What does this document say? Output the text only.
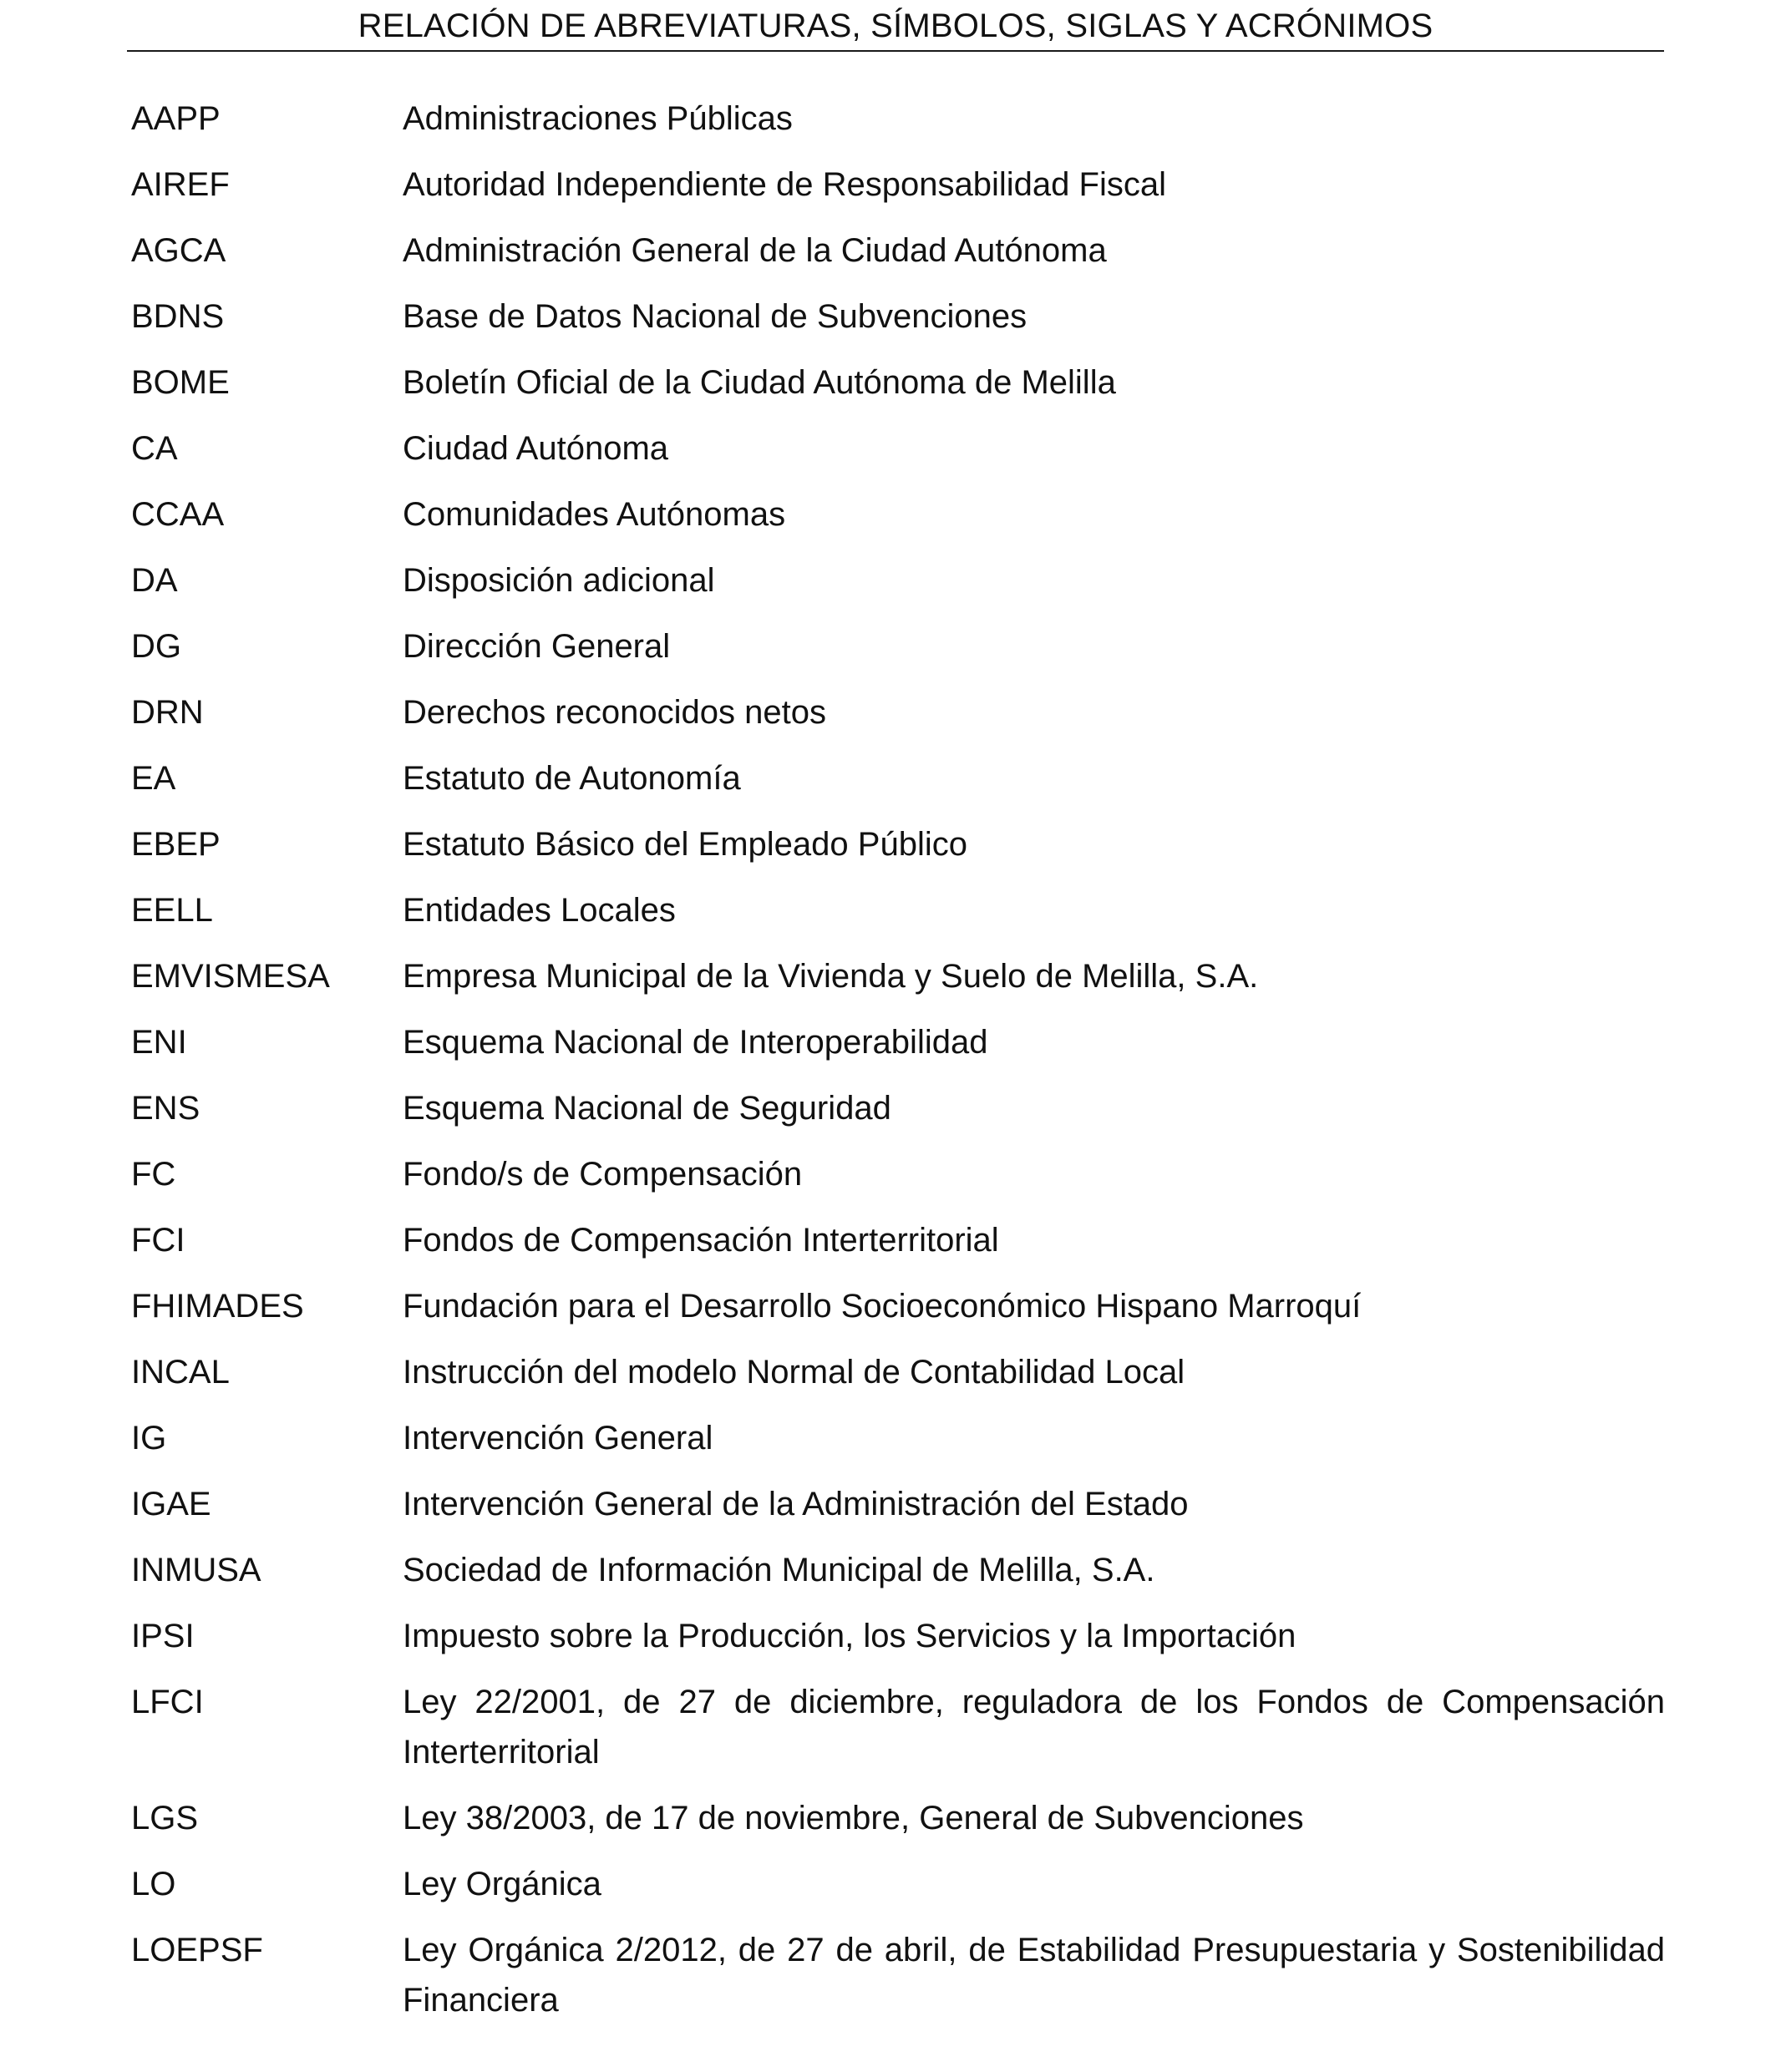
RELACIÓN DE ABREVIATURAS, SÍMBOLOS, SIGLAS Y ACRÓNIMOS
AAPP	Administraciones Públicas
AIREF	Autoridad Independiente de Responsabilidad Fiscal
AGCA	Administración General de la Ciudad Autónoma
BDNS	Base de Datos Nacional de Subvenciones
BOME	Boletín Oficial de la Ciudad Autónoma de Melilla
CA	Ciudad Autónoma
CCAA	Comunidades Autónomas
DA	Disposición adicional
DG	Dirección General
DRN	Derechos reconocidos netos
EA	Estatuto de Autonomía
EBEP	Estatuto Básico del Empleado Público
EELL	Entidades Locales
EMVISMESA	Empresa Municipal de la Vivienda y Suelo de Melilla, S.A.
ENI	Esquema Nacional de Interoperabilidad
ENS	Esquema Nacional de Seguridad
FC	Fondo/s de Compensación
FCI	Fondos de Compensación Interterritorial
FHIMADES	Fundación para el Desarrollo Socioeconómico Hispano Marroquí
INCAL	Instrucción del modelo Normal de Contabilidad Local
IG	Intervención General
IGAE	Intervención General de la Administración del Estado
INMUSA	Sociedad de Información Municipal de Melilla, S.A.
IPSI	Impuesto sobre la Producción, los Servicios y la Importación
LFCI	Ley 22/2001, de 27 de diciembre, reguladora de los Fondos de Compensación Interterritorial
LGS	Ley 38/2003, de 17 de noviembre, General de Subvenciones
LO	Ley Orgánica
LOEPSF	Ley Orgánica 2/2012, de 27 de abril, de Estabilidad Presupuestaria y Sostenibilidad Financiera
